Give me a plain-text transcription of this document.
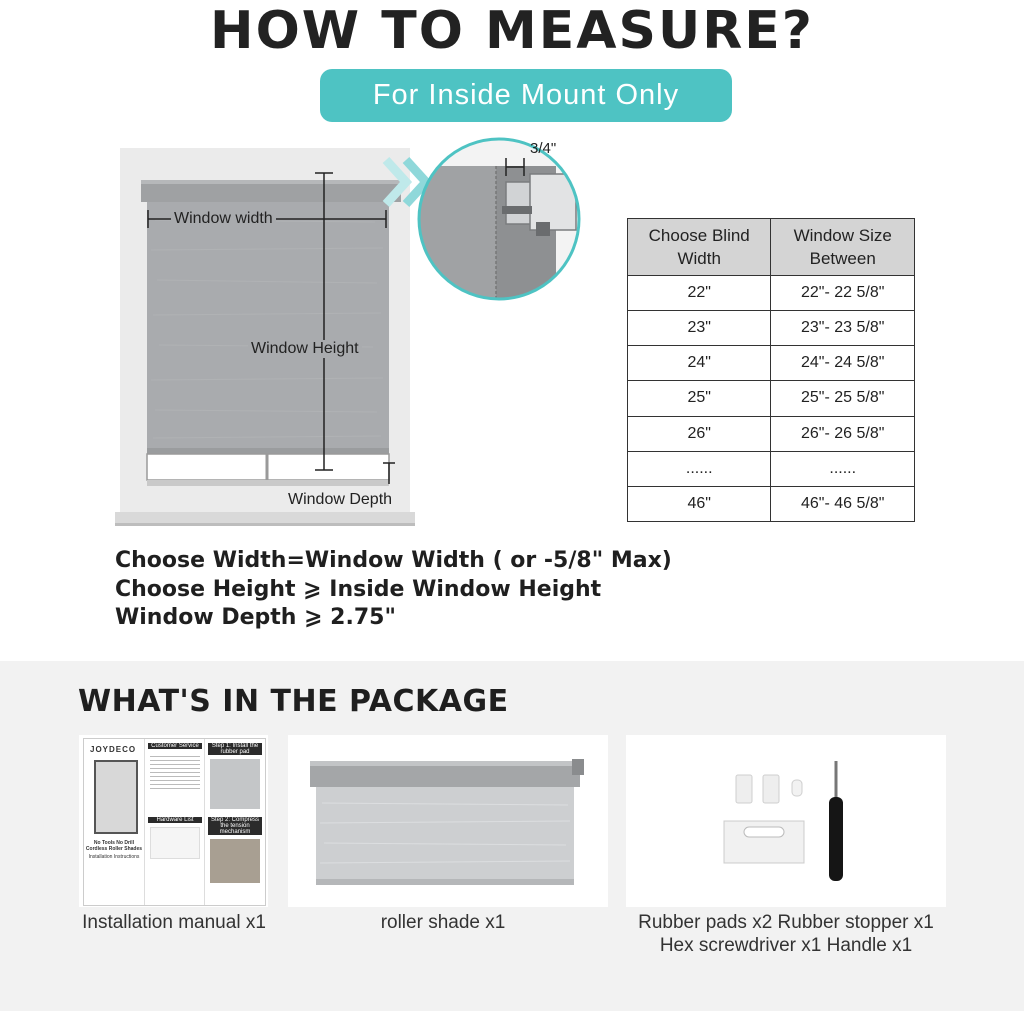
HOW TO MEASURE?
For Inside Mount Only
Window width
Window Height
Window Depth
3/4"
Choose Blind Width	Window Size Between
22"	22"- 22 5/8"
23"	23"- 23 5/8"
24"	24"- 24 5/8"
25"	25"- 25 5/8"
26"	26"- 26 5/8"
......	......
46"	46"- 46 5/8"
Choose Width=Window Width ( or -5/8" Max)
Choose Height ⩾ Inside Window Height
Window Depth ⩾ 2.75"
WHAT'S IN THE PACKAGE
JOYDECO
No Tools No Drill Cordless Roller Shades
Installation Instructions
Customer Service
Hardware List
Step 1: Install the rubber pad
Step 2: Compress the tension mechanism
Installation manual x1	roller shade x1	Rubber pads x2 Rubber stopper x1
Hex screwdriver x1 Handle x1
